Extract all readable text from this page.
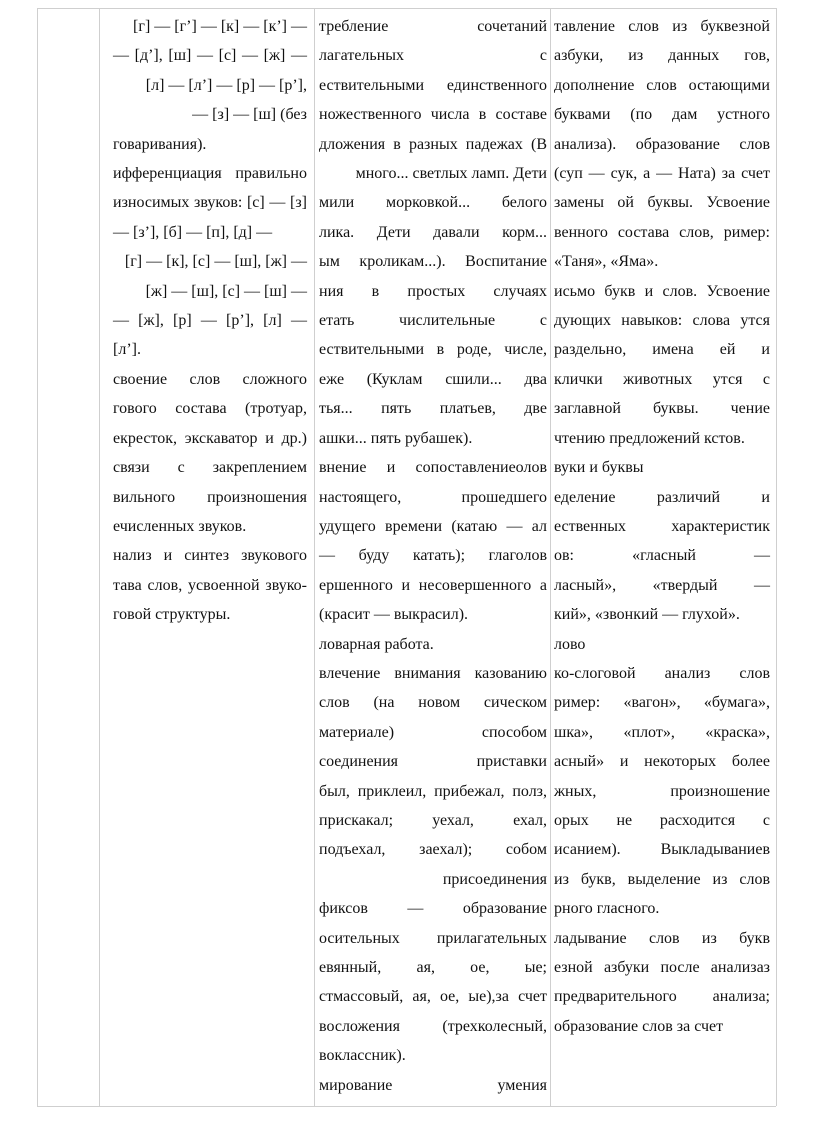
[г] — [г’] — [к] — [к’] —

— [д’], [ш] — [с] — [ж] —

[л] — [л’] — [р] — [р’],

— [з] — [ш] (без

говаривания).

ифференциация правильно

износимых звуков: [с] — [з]

— [з’], [б] — [п], [д] —

[г] — [к], [с] — [ш], [ж] —

[ж] — [ш], [с] — [ш] —

— [ж], [р] — [р’], [л] — [л’].

своение слов сложного

гового состава (тротуар,

екресток, экскаватор и др.)

связи с закреплением

вильного произношения

ечисленных звуков.

нализ и синтез звукового

тава слов, усвоенной звуко-

говой структуры.

требление сочетаний

лагательных с

ествительными единственного

ножественного числа в составе

дложения в разных падежах (В

много... светлых ламп. Дети

мили морковкой... белого

лика. Дети давали корм...

ым кроликам...). Воспитание

ния в простых случаях

етать числительные с

ествительными в роде, числе,

еже (Куклам сшили... два

тья... пять платьев, две

ашки... пять рубашек).

внение и сопоставлениеолов

настоящего, прошедшего

удущего времени (катаю — ал

— буду катать); глаголов

ершенного и несовершенного а

(красит — выкрасил).

ловарная работа.

влечение внимания казованию

слов (на новом сическом

материале) способом

соединения приставки

был, приклеил, прибежал, полз,

прискакал; уехал, ехал,

подъехал, заехал); собом

присоединения

фиксов — образование

осительных прилагательных

евянный, ая, ое, ые;

стмассовый, ая, ое, ые),за счет

восложения (трехколесный,

воклассник).

мирование умения

тавление слов из буквезной

азбуки, из данных гов,

дополнение слов остающими

буквами (по дам устного

анализа). образование слов

(суп — сук, а — Ната) за счет

замены ой буквы. Усвоение

венного состава слов, ример:

«Таня», «Яма».

исьмо букв и слов. Усвоение

дующих навыков: слова утся

раздельно, имена ей и

клички животных утся с

заглавной буквы. чение

чтению предложений кстов.

вуки и буквы

еделение различий и

ественных характеристик

ов: «гласный —

ласный», «твердый —

кий», «звонкий — глухой».

лово

ко-слоговой анализ слов

ример: «вагон», «бумага»,

шка», «плот», «краска»,

асный» и некоторых более

жных, произношение

орых не расходится с

исанием). Выкладываниев

из букв, выделение из слов

рного гласного.

ладывание слов из букв

езной азбуки после анализаз

предварительного анализа;

образование слов за счет
